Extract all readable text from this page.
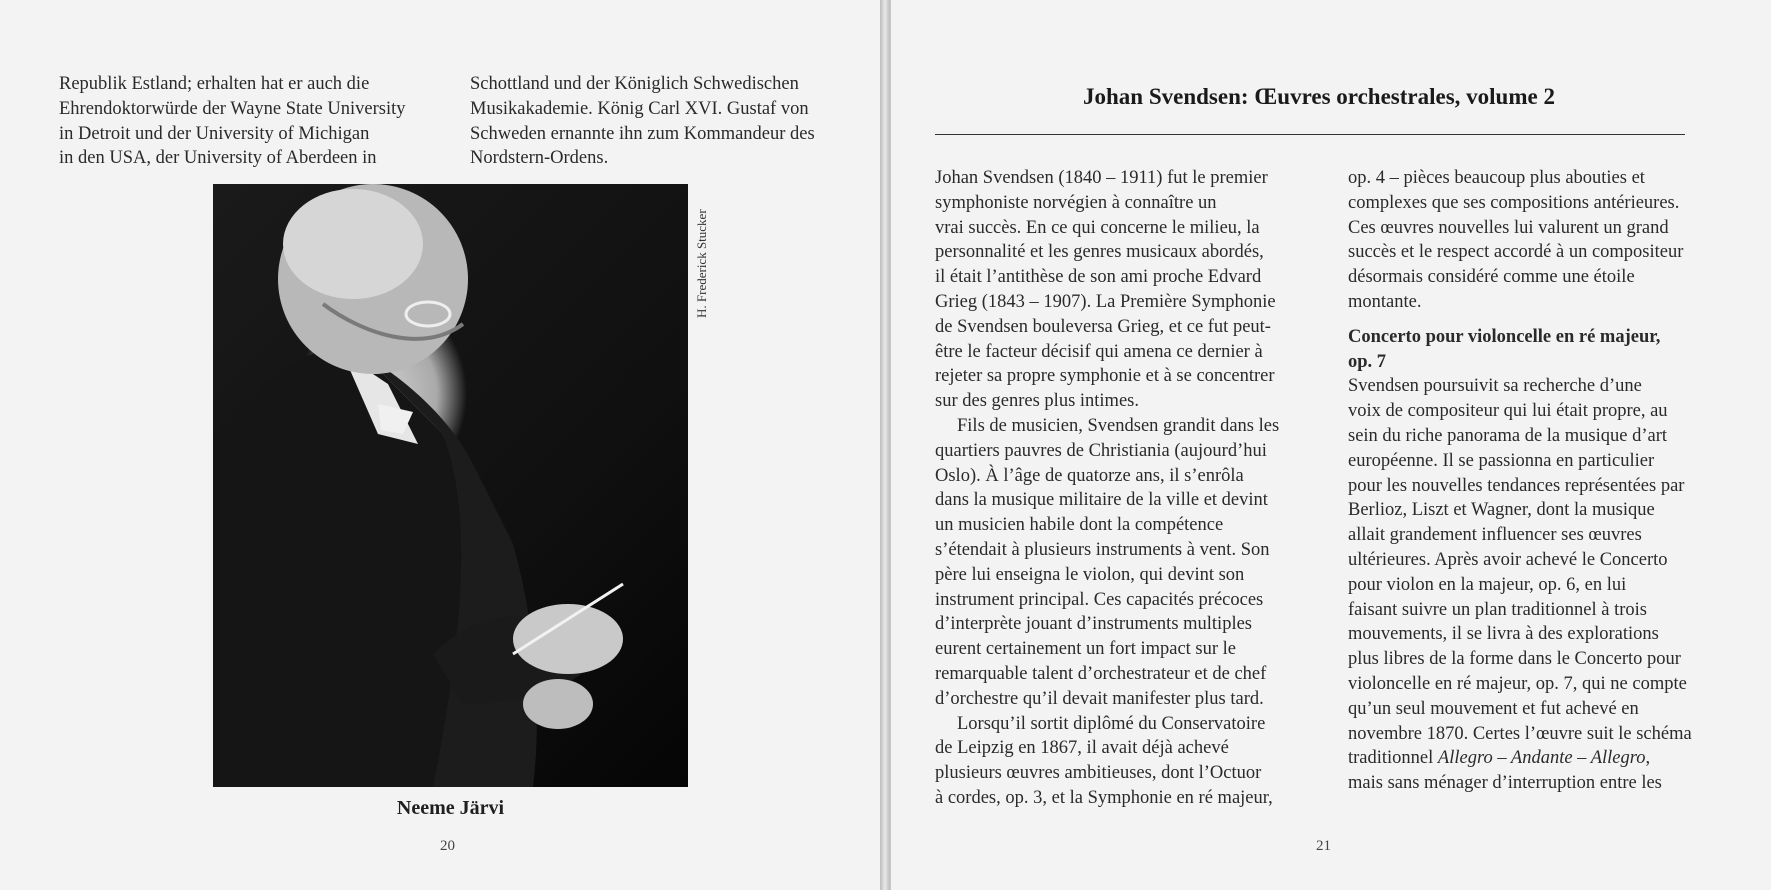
Republik Estland; erhalten hat er auch die

Ehrendoktorwürde der Wayne State University

in Detroit und der University of Michigan

in den USA, der University of Aberdeen in

Schottland und der Königlich Schwedischen

Musikakademie. König Carl XVI. Gustaf von

Schweden ernannte ihn zum Kommandeur des

Nordstern-Ordens.

H. Frederick Stucker
Neeme Järvi
20
Johan Svendsen: Œuvres orchestrales, volume 2

Johan Svendsen (1840 – 1911) fut le premier

symphoniste norvégien à connaître un

vrai succès. En ce qui concerne le milieu, la

personnalité et les genres musicaux abordés,

il était l’antithèse de son ami proche Edvard

Grieg (1843 – 1907). La Première Symphonie

de Svendsen bouleversa Grieg, et ce fut peut-

être le facteur décisif qui amena ce dernier à

rejeter sa propre symphonie et à se concentrer

sur des genres plus intimes.

Fils de musicien, Svendsen grandit dans les

quartiers pauvres de Christiania (aujourd’hui

Oslo). À l’âge de quatorze ans, il s’enrôla

dans la musique militaire de la ville et devint

un musicien habile dont la compétence

s’étendait à plusieurs instruments à vent. Son

père lui enseigna le violon, qui devint son

instrument principal. Ces capacités précoces

d’interprète jouant d’instruments multiples

eurent certainement un fort impact sur le

remarquable talent d’orchestrateur et de chef

d’orchestre qu’il devait manifester plus tard.

Lorsqu’il sortit diplômé du Conservatoire

de Leipzig en 1867, il avait déjà achevé

plusieurs œuvres ambitieuses, dont l’Octuor

à cordes, op. 3, et la Symphonie en ré majeur,

op. 4 – pièces beaucoup plus abouties et

complexes que ses compositions antérieures.

Ces œuvres nouvelles lui valurent un grand

succès et le respect accordé à un compositeur

désormais considéré comme une étoile

montante.

Concerto pour violoncelle en ré majeur,
op. 7

Svendsen poursuivit sa recherche d’une

voix de compositeur qui lui était propre, au

sein du riche panorama de la musique d’art

européenne. Il se passionna en particulier

pour les nouvelles tendances représentées par

Berlioz, Liszt et Wagner, dont la musique

allait grandement influencer ses œuvres

ultérieures. Après avoir achevé le Concerto

pour violon en la majeur, op. 6, en lui

faisant suivre un plan traditionnel à trois

mouvements, il se livra à des explorations

plus libres de la forme dans le Concerto pour

violoncelle en ré majeur, op. 7, qui ne compte

qu’un seul mouvement et fut achevé en

novembre 1870. Certes l’œuvre suit le schéma

traditionnel Allegro – Andante – Allegro,

mais sans ménager d’interruption entre les

21
